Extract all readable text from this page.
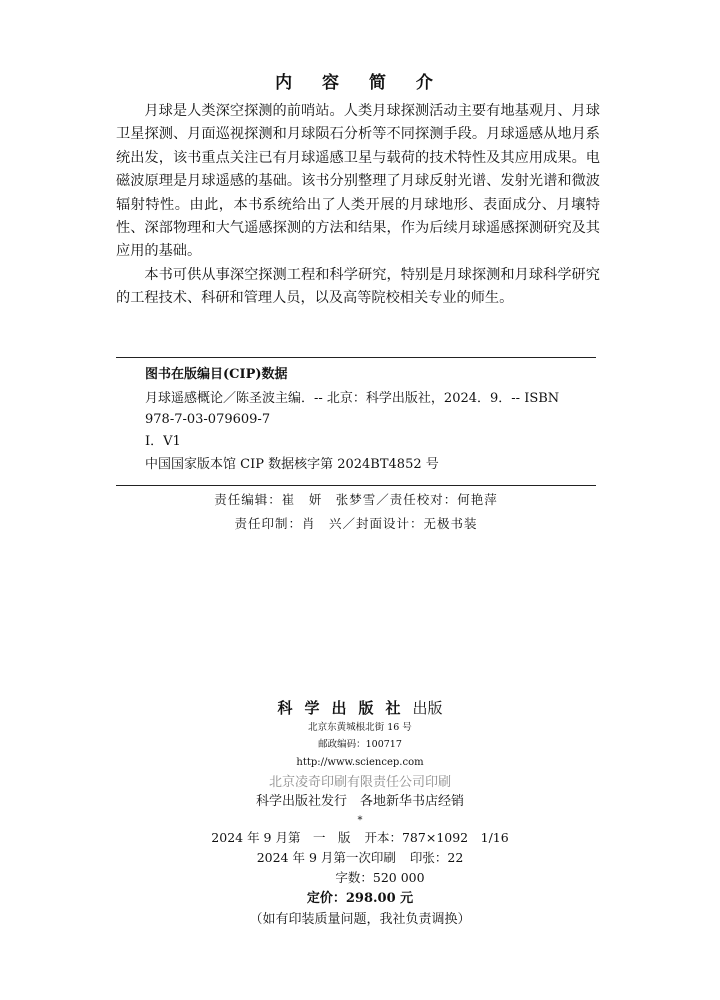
内 容 简 介

月球是人类深空探测的前哨站。人类月球探测活动主要有地基观月、月球卫星探测、月面巡视探测和月球陨石分析等不同探测手段。月球遥感从地月系统出发，该书重点关注已有月球遥感卫星与载荷的技术特性及其应用成果。电磁波原理是月球遥感的基础。该书分别整理了月球反射光谱、发射光谱和微波辐射特性。由此，本书系统给出了人类开展的月球地形、表面成分、月壤特性、深部物理和大气遥感探测的方法和结果，作为后续月球遥感探测研究及其应用的基础。

本书可供从事深空探测工程和科学研究，特别是月球探测和月球科学研究的工程技术、科研和管理人员，以及高等院校相关专业的师生。

图书在版编目(CIP)数据
月球遥感概论／陈圣波主编．-- 北京：科学出版社，2024．9．-- ISBN
978-7-03-079609-7
Ⅰ．V1
中国国家版本馆 CIP 数据核字第 2024BT4852 号
责任编辑：崔　妍　张梦雪／责任校对：何艳萍
责任印制：肖　兴／封面设计：无极书装
科学出版社出版
北京东黄城根北街 16 号
邮政编码：100717
http://www.sciencep.com
北京凌奇印刷有限责任公司印刷
科学出版社发行　各地新华书店经销
*
2024 年 9 月第　一　版 开本：787×1092　1/16
2024 年 9 月第一次印刷 印张：22
字数：520 000
定价：298.00 元
（如有印装质量问题，我社负责调换）
